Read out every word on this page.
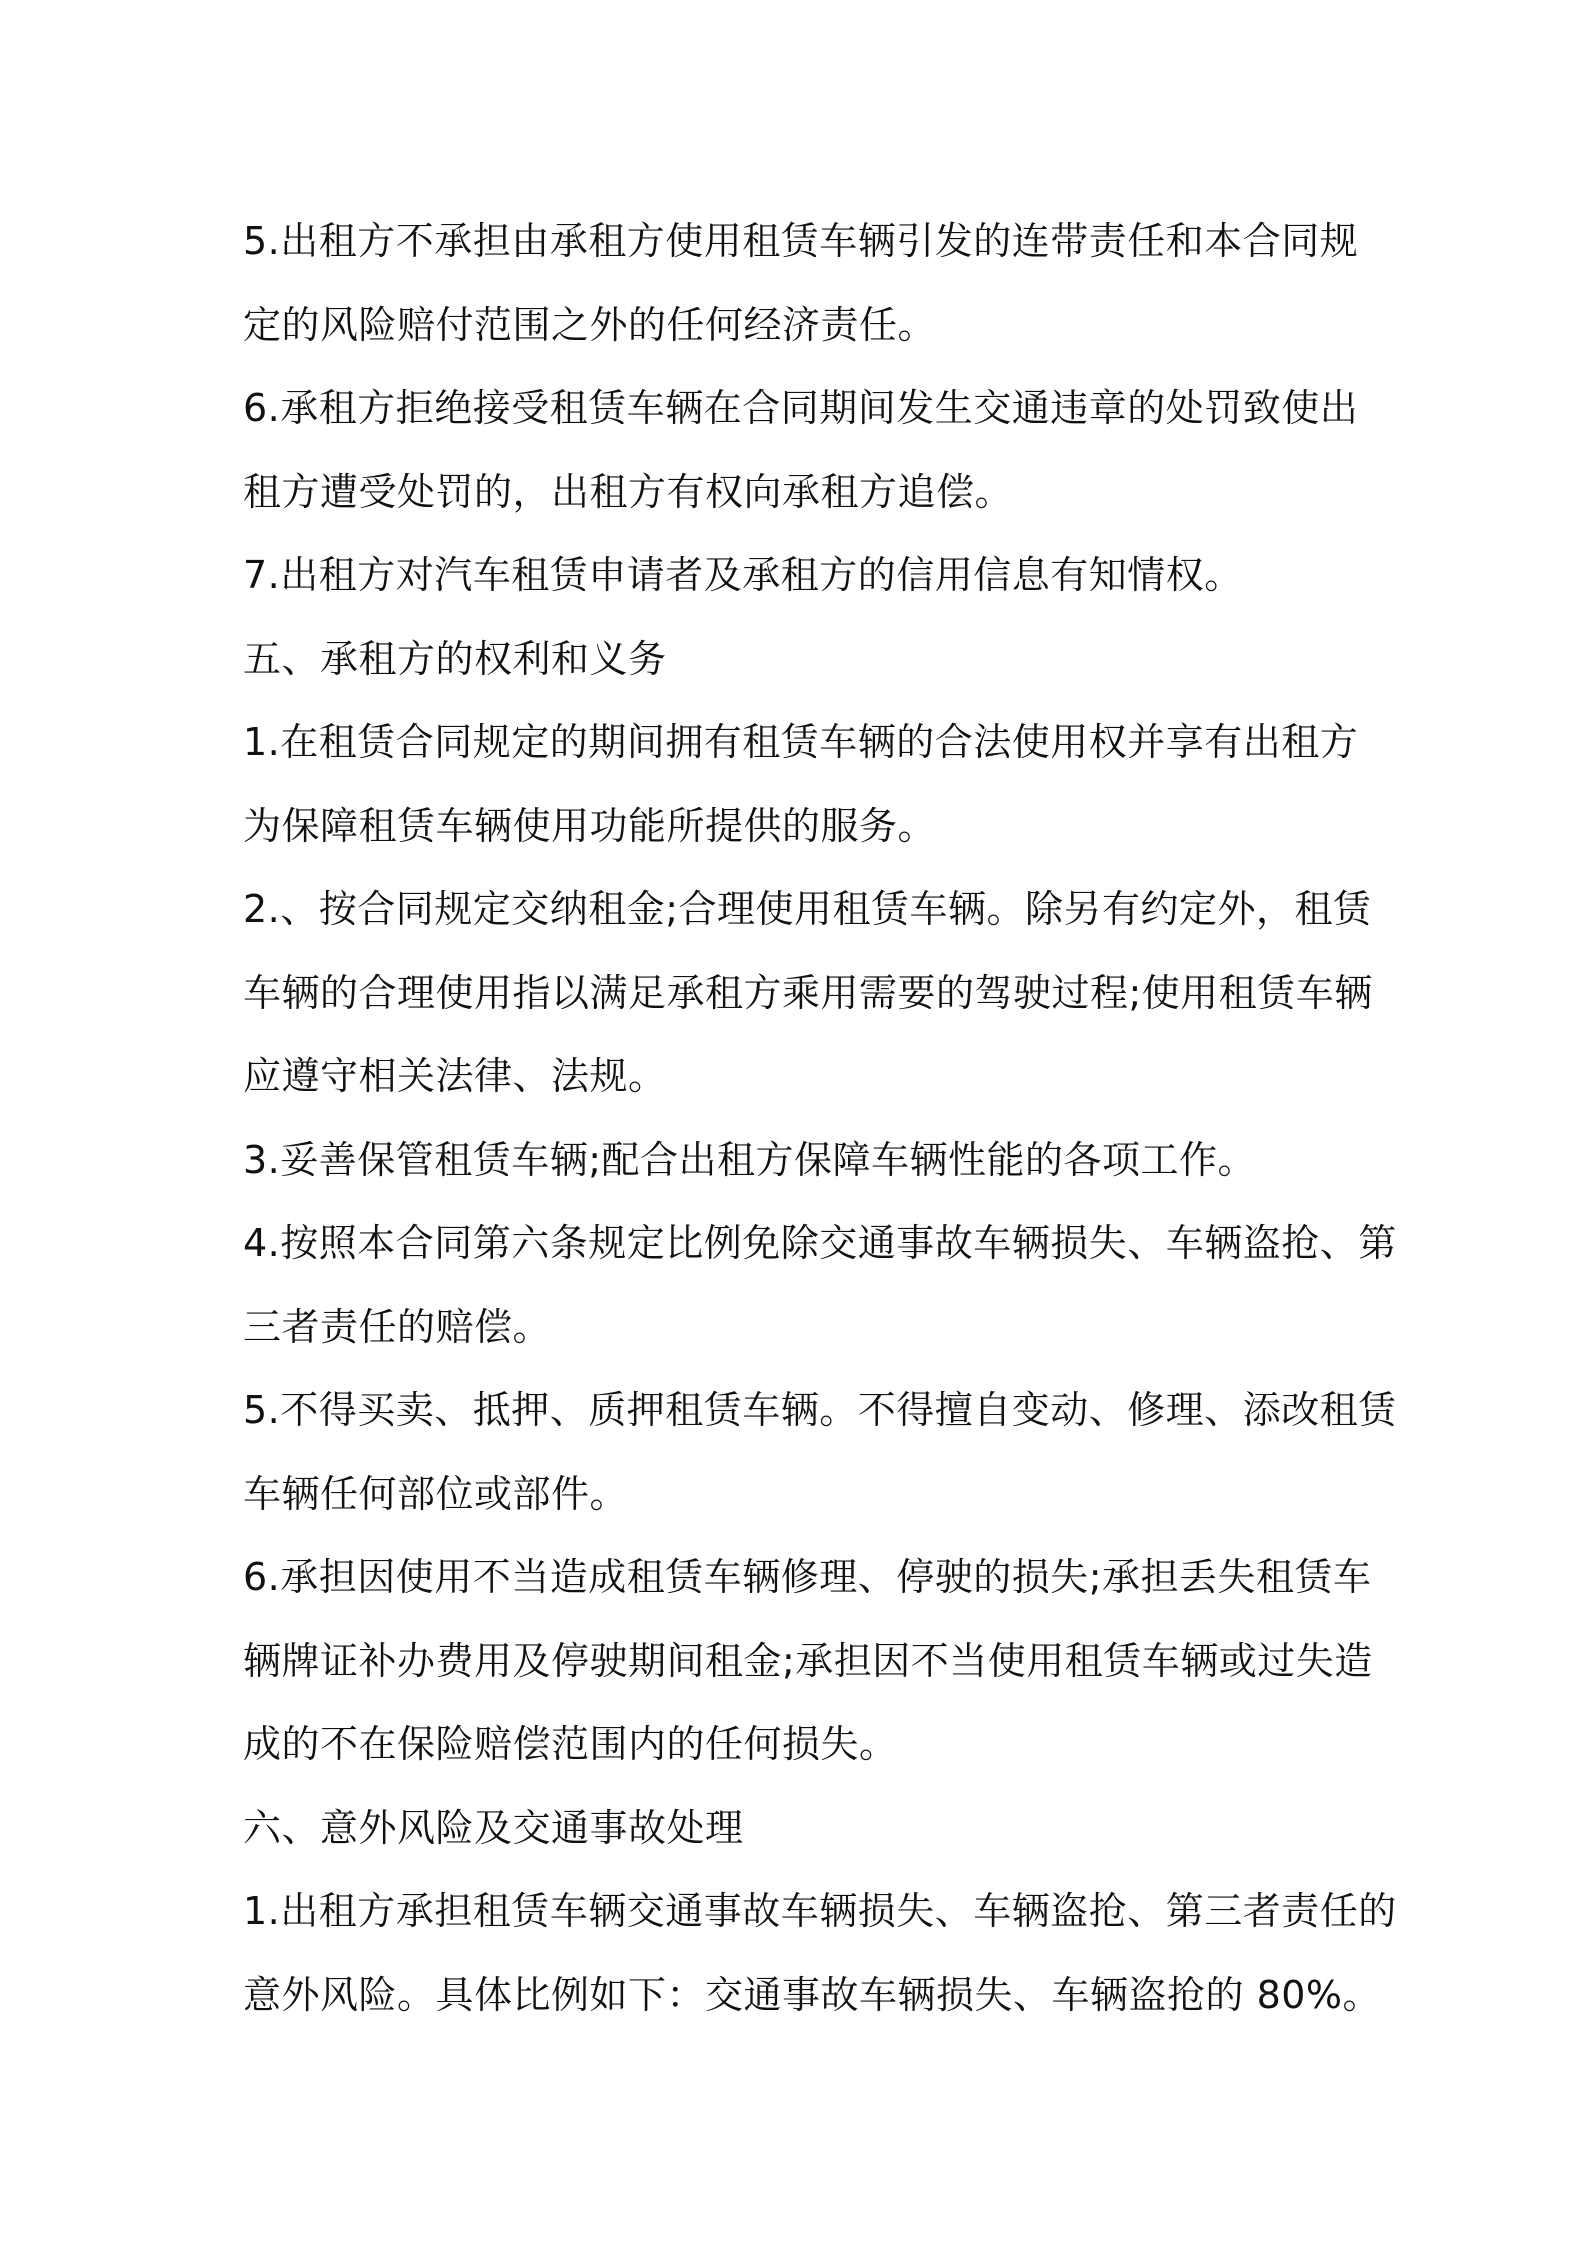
5.出租方不承担由承租方使用租赁车辆引发的连带责任和本合同规

定的风险赔付范围之外的任何经济责任。

6.承租方拒绝接受租赁车辆在合同期间发生交通违章的处罚致使出

租方遭受处罚的，出租方有权向承租方追偿。

7.出租方对汽车租赁申请者及承租方的信用信息有知情权。

五、承租方的权利和义务

1.在租赁合同规定的期间拥有租赁车辆的合法使用权并享有出租方

为保障租赁车辆使用功能所提供的服务。

2.、按合同规定交纳租金;合理使用租赁车辆。除另有约定外，租赁

车辆的合理使用指以满足承租方乘用需要的驾驶过程;使用租赁车辆

应遵守相关法律、法规。

3.妥善保管租赁车辆;配合出租方保障车辆性能的各项工作。

4.按照本合同第六条规定比例免除交通事故车辆损失、车辆盗抢、第

三者责任的赔偿。

5.不得买卖、抵押、质押租赁车辆。不得擅自变动、修理、添改租赁

车辆任何部位或部件。

6.承担因使用不当造成租赁车辆修理、停驶的损失;承担丢失租赁车

辆牌证补办费用及停驶期间租金;承担因不当使用租赁车辆或过失造

成的不在保险赔偿范围内的任何损失。

六、意外风险及交通事故处理

1.出租方承担租赁车辆交通事故车辆损失、车辆盗抢、第三者责任的

意外风险。具体比例如下：交通事故车辆损失、车辆盗抢的 80%。
